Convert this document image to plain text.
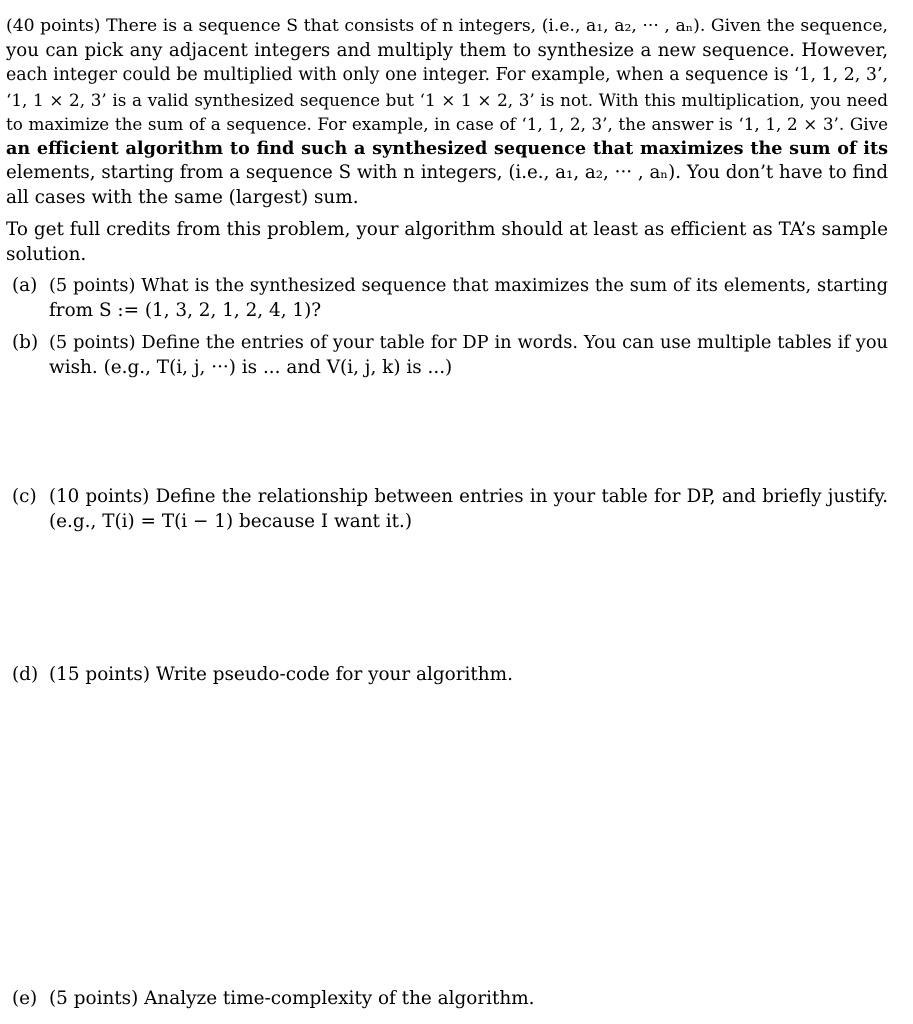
(40 points) There is a sequence S that consists of n integers, (i.e., a₁, a₂, ··· , aₙ). Given the sequence,
you can pick any adjacent integers and multiply them to synthesize a new sequence. However,
each integer could be multiplied with only one integer. For example, when a sequence is ‘1, 1, 2, 3’,
‘1, 1 × 2, 3’ is a valid synthesized sequence but ‘1 × 1 × 2, 3’ is not. With this multiplication, you need
to maximize the sum of a sequence. For example, in case of ‘1, 1, 2, 3’, the answer is ‘1, 1, 2 × 3’. Give
an efficient algorithm to find such a synthesized sequence that maximizes the sum of its
elements, starting from a sequence S with n integers, (i.e., a₁, a₂, ··· , aₙ). You don’t have to find
all cases with the same (largest) sum.

To get full credits from this problem, your algorithm should at least as efficient as TA’s sample
solution.

(a) (5 points) What is the synthesized sequence that maximizes the sum of its elements, starting
from S := (1, 3, 2, 1, 2, 4, 1)?
(b) (5 points) Define the entries of your table for DP in words. You can use multiple tables if you
wish. (e.g., T(i, j, ···) is ... and V(i, j, k) is ...)
(c) (10 points) Define the relationship between entries in your table for DP, and briefly justify.
(e.g., T(i) = T(i − 1) because I want it.)
(d) (15 points) Write pseudo-code for your algorithm.
(e) (5 points) Analyze time-complexity of the algorithm.
